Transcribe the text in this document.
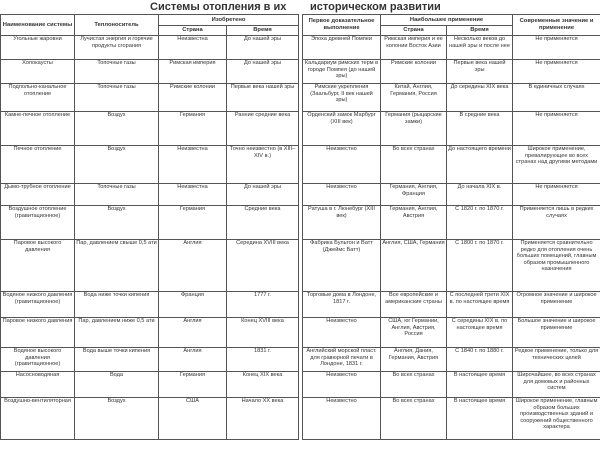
Системы отопления в их историческом развитии
Наименование системы	Теплоноситель	Изобретено	
		Страна	Время
Угольные жаровни	Лучистая энергия и горячие продукты сгорания	Неизвестна	До нашей эры
Хопокаусты	Топочные газы	Римская империя	До нашей эры
Подпольно-канальное отопление	Топочные газы	Римские колонии	Первые века нашей эры
Камне-печное отопление	Воздух	Германия	Ранние средние века
Печное отопление	Воздух	Неизвестна	Точно неизвестно (в XIII–XIV в.)
Дымо-трубное отопление	Топочные газы	Неизвестна	До нашей эры
Воздушное отопление (гравитационное)	Воздух	Германия	Средние века
Паровое высокого давления	Пар, давлением свыше 0,5 ати	Англия	Середина XVIII века
Водяное низкого давления (гравитационное)	Вода ниже точки кипения	Франция	1777 г.
Паровое низкого давления	Пар, давлением ниже 0,5 ати	Англия	Конец XVIII века
Водяное высокого давления (гравитационное)	Вода выше точки кипения	Англия	1831 г.
Насосноводяная	Вода	Германия	Конец XIX века
Воздушно-вентиляторная	Воздух	США	Начало XX века
Первое доказательное выполнение	Наибольшее применение		Современные значение и применение
	Страна	Время	
Эпоха древней Помпеи	Римская империя и ее колонии Восток Азии	Несколько веков до нашей эры и после нее	Не применяется
Кальдариум римских терм в городе Помпея (до нашей эры)	Римские колонии	Первые века нашей эры	Не применяется
Римские укрепления (Заальбург, II век нашей эры)	Китай, Англия, Германия, Россия	До середины XIX века	В единичных случаях
Орденский замок Марбург (XIII век)	Германия (рыцарские замки)	В средние века	Не применяется
Неизвестно	Во всех странах	До настоящего времени	Широкое применение, превалирующее во всех странах над другими методами
Неизвестно	Германия, Англия, Франция	До начала XIX в.	Не применяется
Ратуша в г. Люнебург (XIII век)	Германия, Англия, Австрия	С 1820 г. по 1870 г.	Применяется лишь в редких случаях
Фабрика Бультон и Ватт (Джеймс Ватт)	Англия, США, Германия	С 1800 г. по 1870 г.	Применяется сравнительно редко для отопления очень больших помещений, главным образом промышленного назначения
Торговые дома в Лондоне, 1817 г.	Все европейские и американские страны	С последней трети XIX в. по настоящее время	Огромное значение и широкое применение
Неизвестно	США, юг Германии, Англия, Австрия, Россия	С середины XIX в. по настоящее время	Большое значение и широкое применение
Английский морской пласт. для гравюрной печати в Лондоне, 1831 г.	Англия, Дания, Германия, Австрия	С 1840 г. по 1880 г.	Редкое применение, только для технических целей
Неизвестно	Во всех странах	В настоящее время	Широчайшее, во всех странах для домовых и районных систем
Неизвестно	Во всех странах	В настоящее время	Широкое применение, главным образом больших производственных зданий и сооружений общественного характера
